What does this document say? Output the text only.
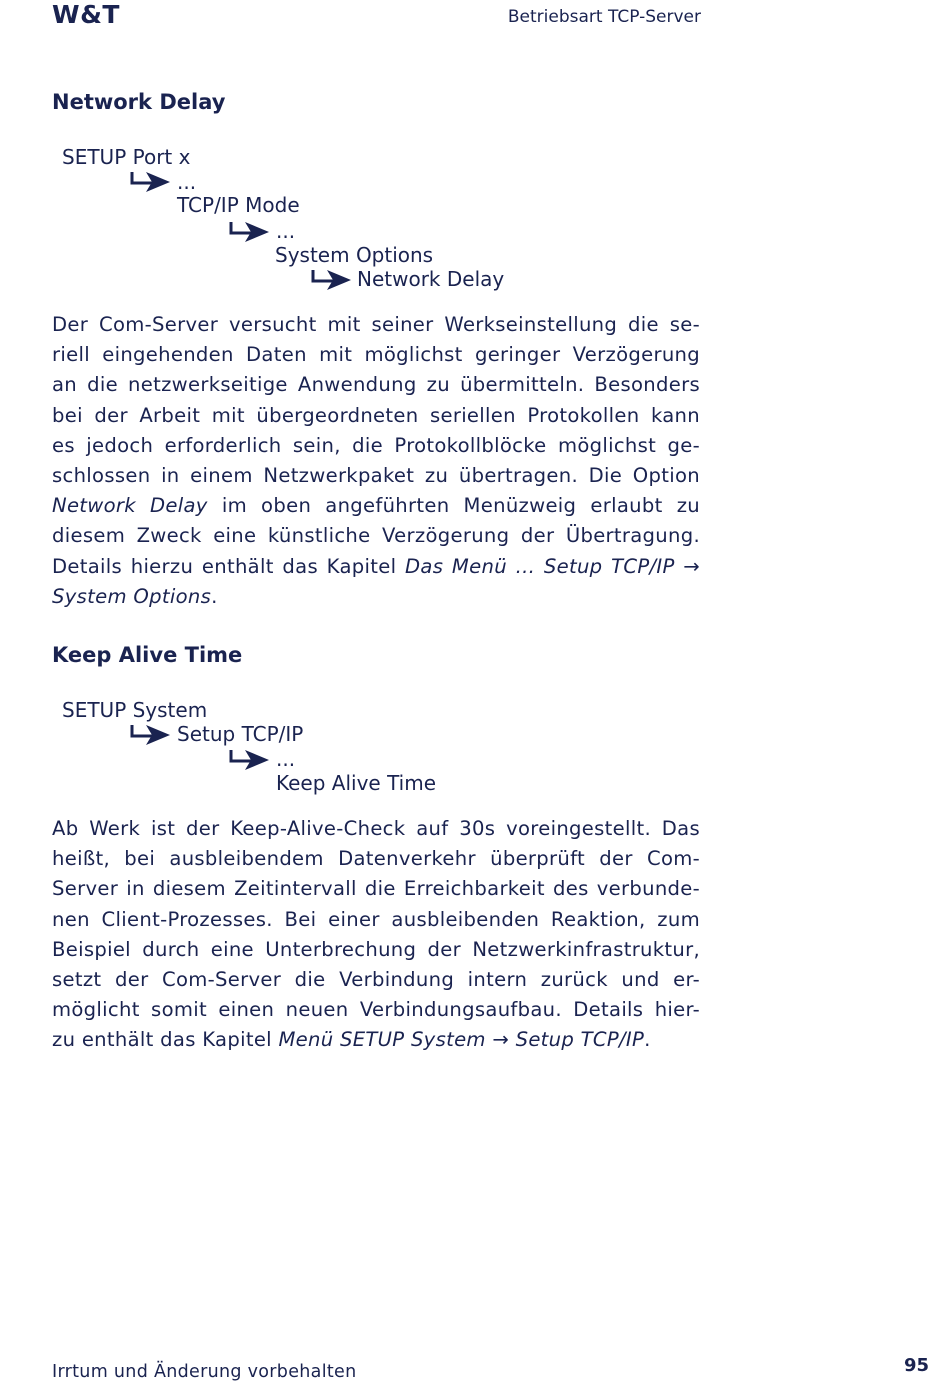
W&T	Betriebsart TCP-Server
Network Delay
SETUP Port x
...
TCP/IP Mode
...
System Options
Network Delay
Der Com-Server versucht mit seiner Werkseinstellung die se-
riell eingehenden Daten mit möglichst geringer Verzögerung
an die netzwerkseitige Anwendung zu übermitteln. Besonders
bei der Arbeit mit übergeordneten seriellen Protokollen kann
es jedoch erforderlich sein, die Protokollblöcke möglichst ge-
schlossen in einem Netzwerkpaket zu übertragen. Die Option
Network Delay im oben angeführten Menüzweig erlaubt zu
diesem Zweck eine künstliche Verzögerung der Übertragung.
Details hierzu enthält das Kapitel Das Menü ... Setup TCP/IP →
System Options.
Keep Alive Time
SETUP System
Setup TCP/IP
...
Keep Alive Time
Ab Werk ist der Keep-Alive-Check auf 30s voreingestellt. Das
heißt, bei ausbleibendem Datenverkehr überprüft der Com-
Server in diesem Zeitintervall die Erreichbarkeit des verbunde-
nen Client-Prozesses. Bei einer ausbleibenden Reaktion, zum
Beispiel durch eine Unterbrechung der Netzwerkinfrastruktur,
setzt der Com-Server die Verbindung intern zurück und er-
möglicht somit einen neuen Verbindungsaufbau. Details hier-
zu enthält das Kapitel Menü SETUP System → Setup TCP/IP.
Irrtum und Änderung vorbehalten	95
